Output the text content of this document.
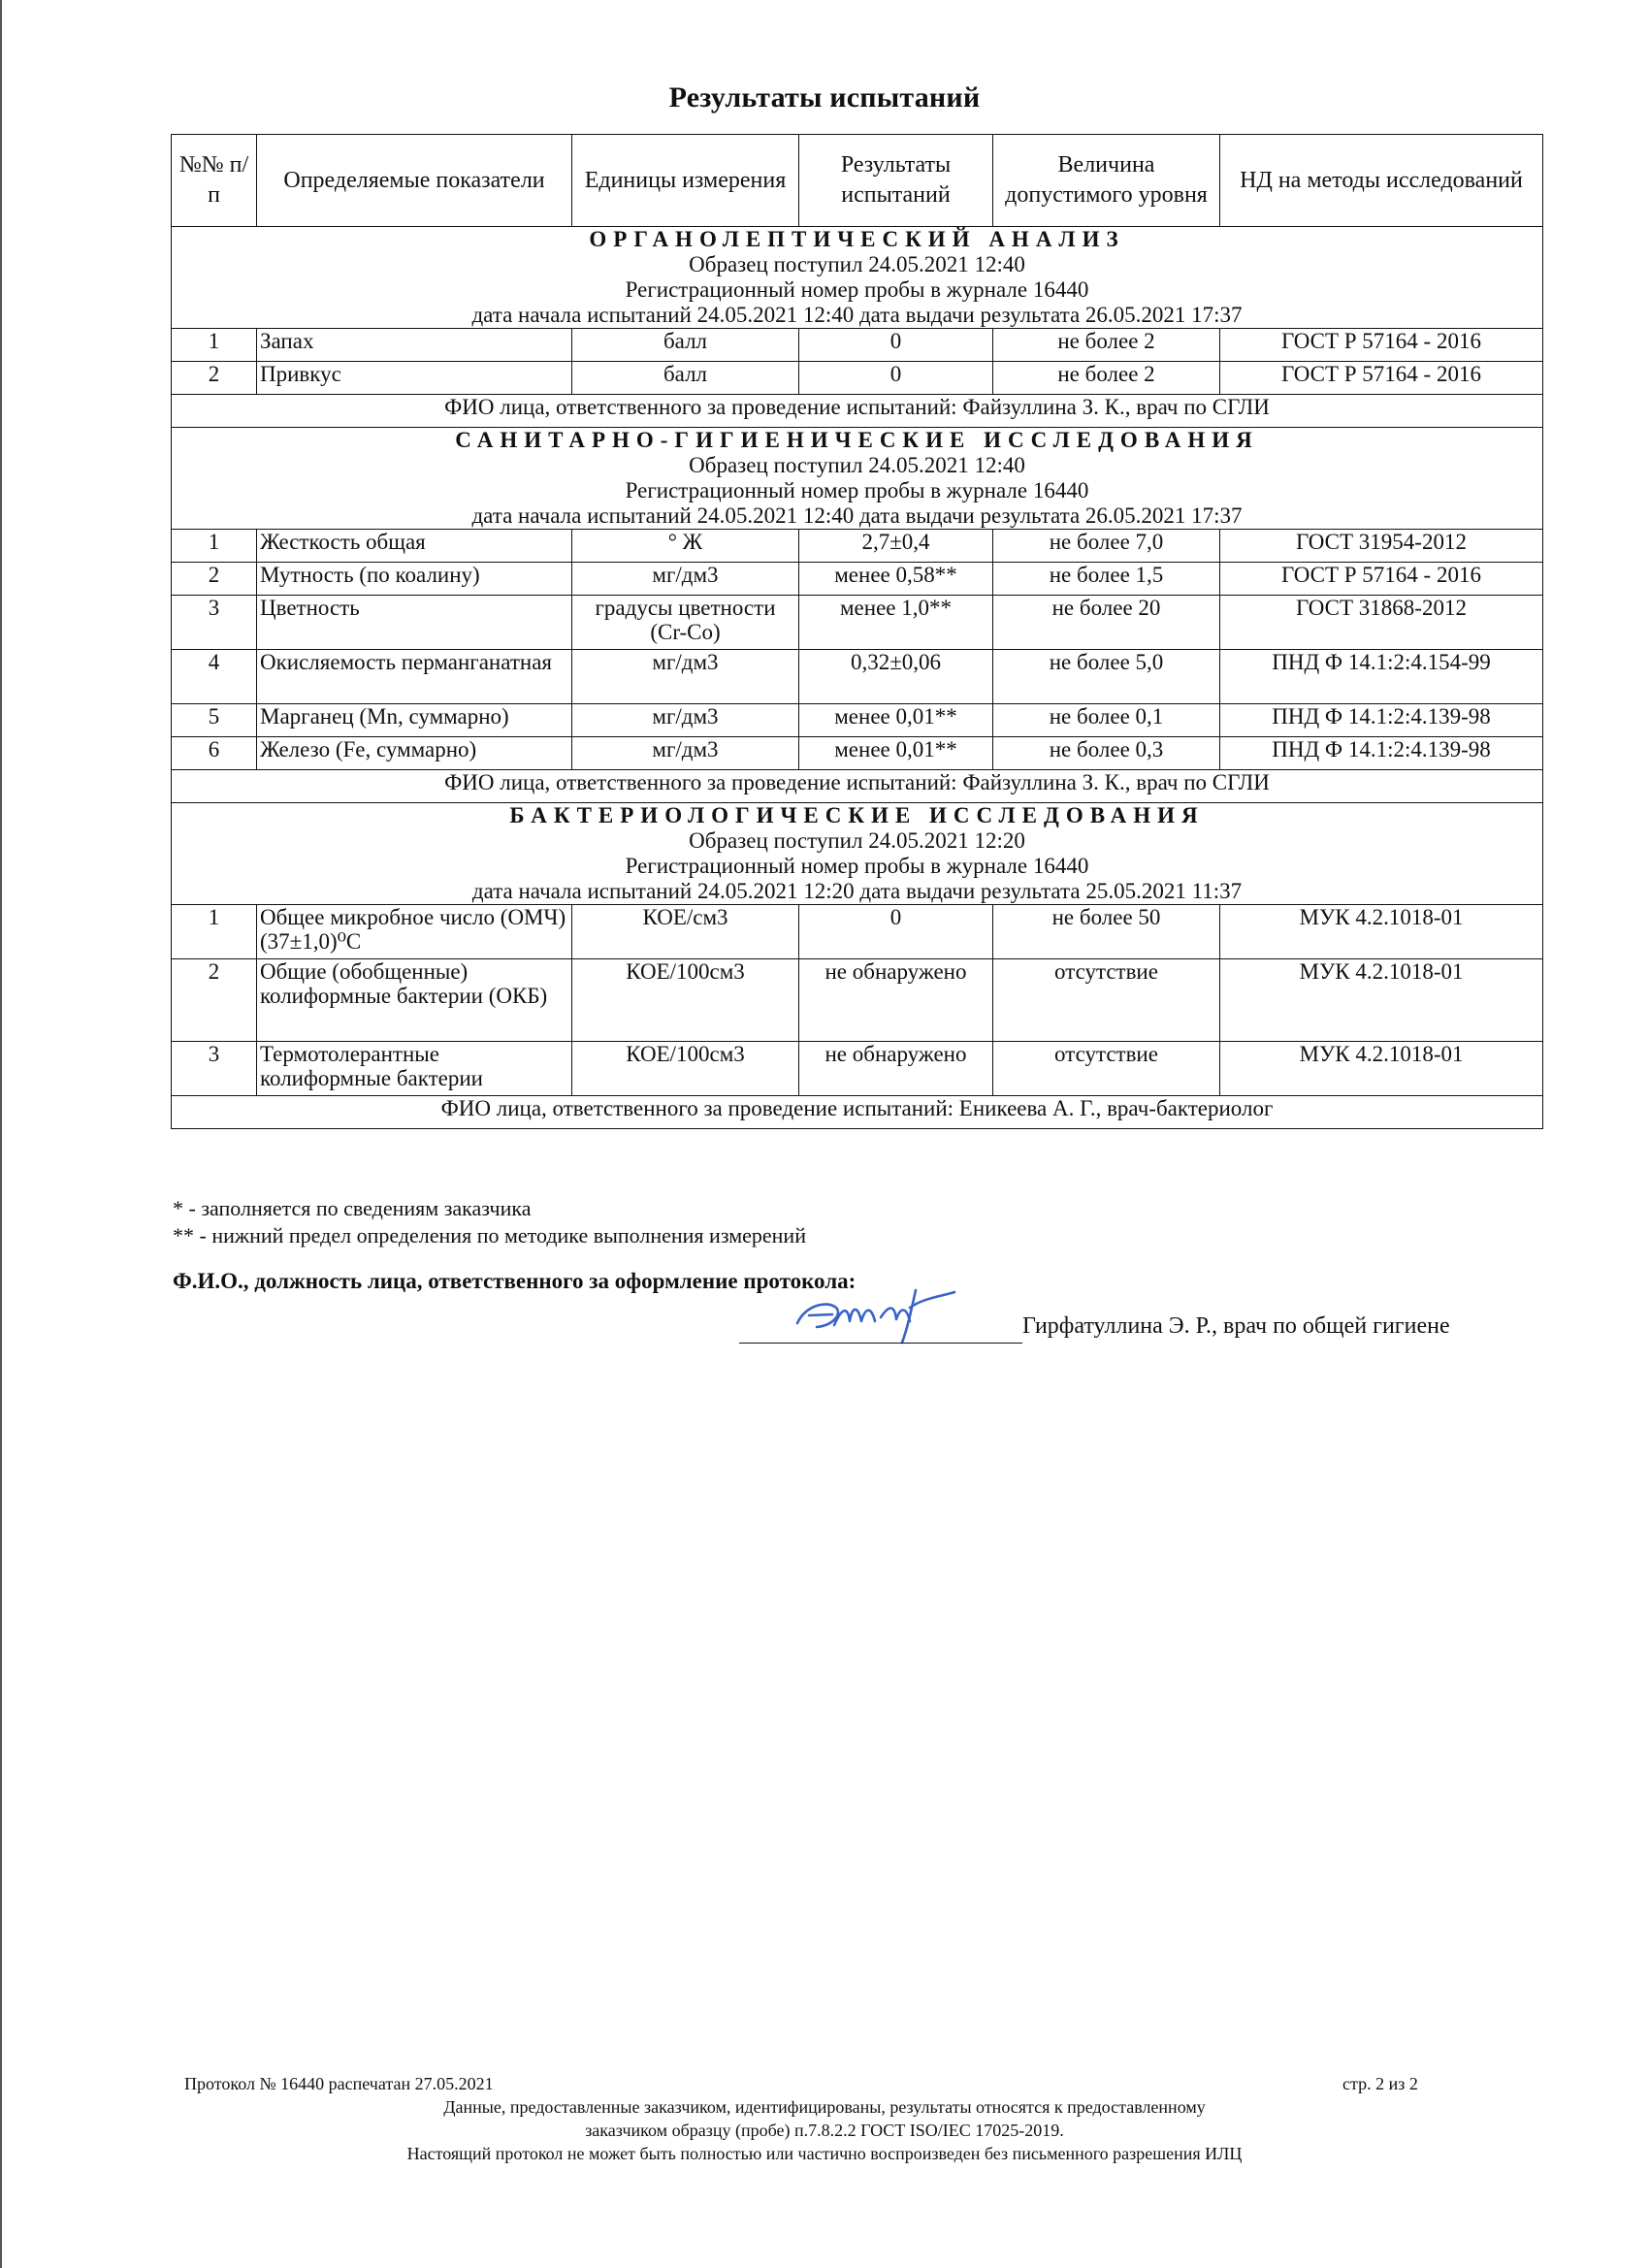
Результаты испытаний
№№ п/п	Определяемые показатели	Единицы измерения	Результаты испытаний	Величина допустимого уровня	НД на методы исследований

ОРГАНОЛЕПТИЧЕСКИЙ АНАЛИЗ
Образец поступил 24.05.2021 12:40
Регистрационный номер пробы в журнале 16440
дата начала испытаний 24.05.2021 12:40 дата выдачи результата 26.05.2021 17:37					

1	Запах	балл	0	не более 2	ГОСТ Р 57164 - 2016
2	Привкус	балл	0	не более 2	ГОСТ Р 57164 - 2016
ФИО лица, ответственного за проведение испытаний: Файзуллина З. К., врач по СГЛИ					

САНИТАРНО-ГИГИЕНИЧЕСКИЕ ИССЛЕДОВАНИЯ
Образец поступил 24.05.2021 12:40
Регистрационный номер пробы в журнале 16440
дата начала испытаний 24.05.2021 12:40 дата выдачи результата 26.05.2021 17:37					

1	Жесткость общая	° Ж	2,7±0,4	не более 7,0	ГОСТ 31954-2012
2	Мутность (по коалину)	мг/дм3	менее 0,58**	не более 1,5	ГОСТ Р 57164 - 2016
3	Цветность	градусы цветности (Cr-Co)	менее 1,0**	не более 20	ГОСТ 31868-2012
4	Окисляемость перманганатная	мг/дм3	0,32±0,06	не более 5,0	ПНД Ф 14.1:2:4.154-99
5	Марганец (Mn, суммарно)	мг/дм3	менее 0,01**	не более 0,1	ПНД Ф 14.1:2:4.139-98
6	Железо (Fe, суммарно)	мг/дм3	менее 0,01**	не более 0,3	ПНД Ф 14.1:2:4.139-98
ФИО лица, ответственного за проведение испытаний: Файзуллина З. К., врач по СГЛИ					

БАКТЕРИОЛОГИЧЕСКИЕ ИССЛЕДОВАНИЯ
Образец поступил 24.05.2021 12:20
Регистрационный номер пробы в журнале 16440
дата начала испытаний 24.05.2021 12:20 дата выдачи результата 25.05.2021 11:37					

1	Общее микробное число (ОМЧ) (37±1,0)⁰С	КОЕ/см3	0	не более 50	МУК 4.2.1018-01
2	Общие (обобщенные) колиформные бактерии (ОКБ)	КОЕ/100см3	не обнаружено	отсутствие	МУК 4.2.1018-01
3	Термотолерантные колиформные бактерии	КОЕ/100см3	не обнаружено	отсутствие	МУК 4.2.1018-01
ФИО лица, ответственного за проведение испытаний: Еникеева А. Г., врач-бактериолог					
* - заполняется по сведениям заказчика
** - нижний предел определения по методике выполнения измерений
Ф.И.О., должность лица, ответственного за оформление протокола:
Гирфатуллина Э. Р., врач по общей гигиене
Протокол № 16440 распечатан 27.05.2021	стр. 2 из 2
Данные, предоставленные заказчиком, идентифицированы, результаты относятся к предоставленному
заказчиком образцу (пробе) п.7.8.2.2 ГОСТ ISO/IEC 17025-2019.
Настоящий протокол не может быть полностью или частично воспроизведен без письменного разрешения ИЛЦ
